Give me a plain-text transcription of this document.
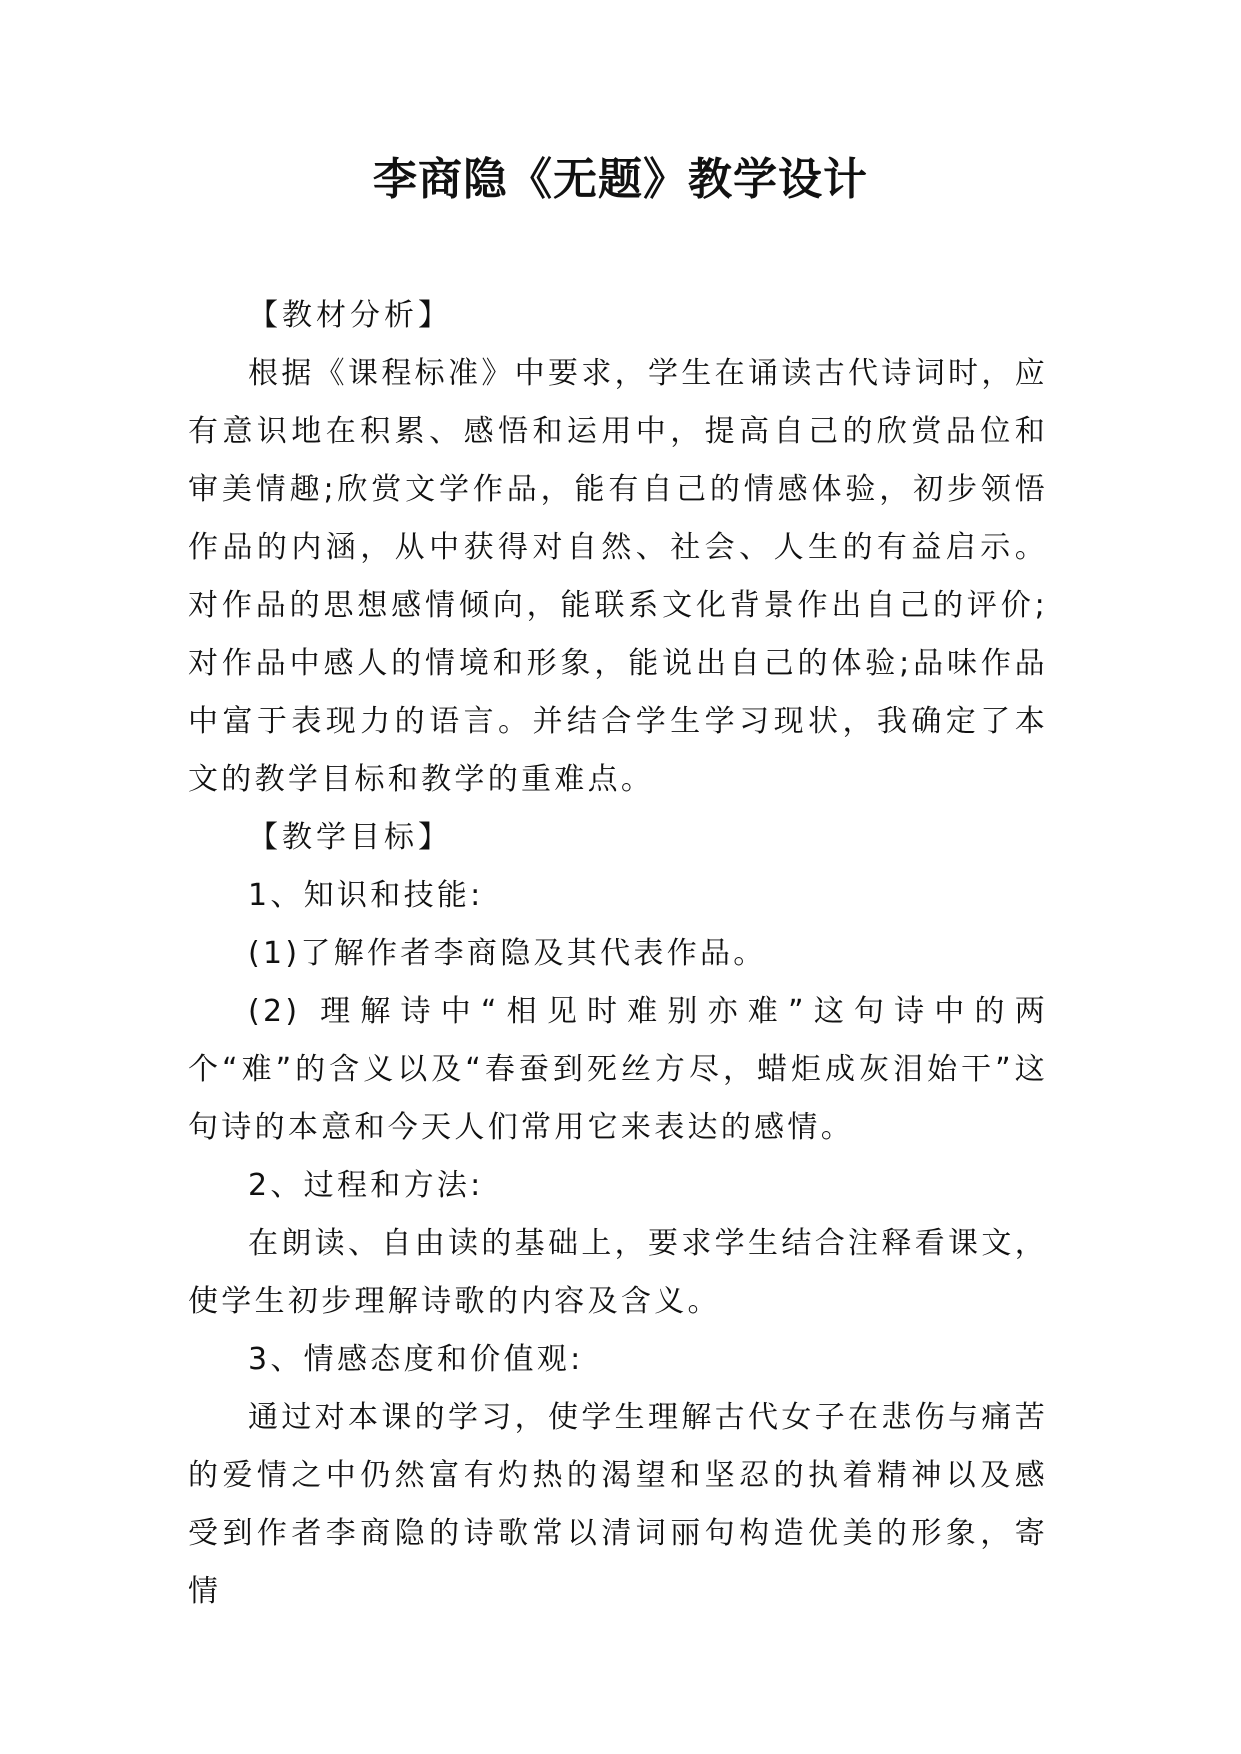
李商隐《无题》教学设计

【教材分析】

根据《课程标准》中要求，学生在诵读古代诗词时，应有意识地在积累、感悟和运用中，提高自己的欣赏品位和审美情趣;欣赏文学作品，能有自己的情感体验，初步领悟作品的内涵，从中获得对自然、社会、人生的有益启示。对作品的思想感情倾向，能联系文化背景作出自己的评价;对作品中感人的情境和形象，能说出自己的体验;品味作品中富于表现力的语言。并结合学生学习现状，我确定了本文的教学目标和教学的重难点。

【教学目标】

1、知识和技能:

(1)了解作者李商隐及其代表作品。

(2) 理解诗中“相见时难别亦难”这句诗中的两个“难”的含义以及“春蚕到死丝方尽，蜡炬成灰泪始干”这句诗的本意和今天人们常用它来表达的感情。

2、过程和方法:

在朗读、自由读的基础上，要求学生结合注释看课文，使学生初步理解诗歌的内容及含义。

3、情感态度和价值观:

通过对本课的学习，使学生理解古代女子在悲伤与痛苦的爱情之中仍然富有灼热的渴望和坚忍的执着精神以及感受到作者李商隐的诗歌常以清词丽句构造优美的形象，寄情
